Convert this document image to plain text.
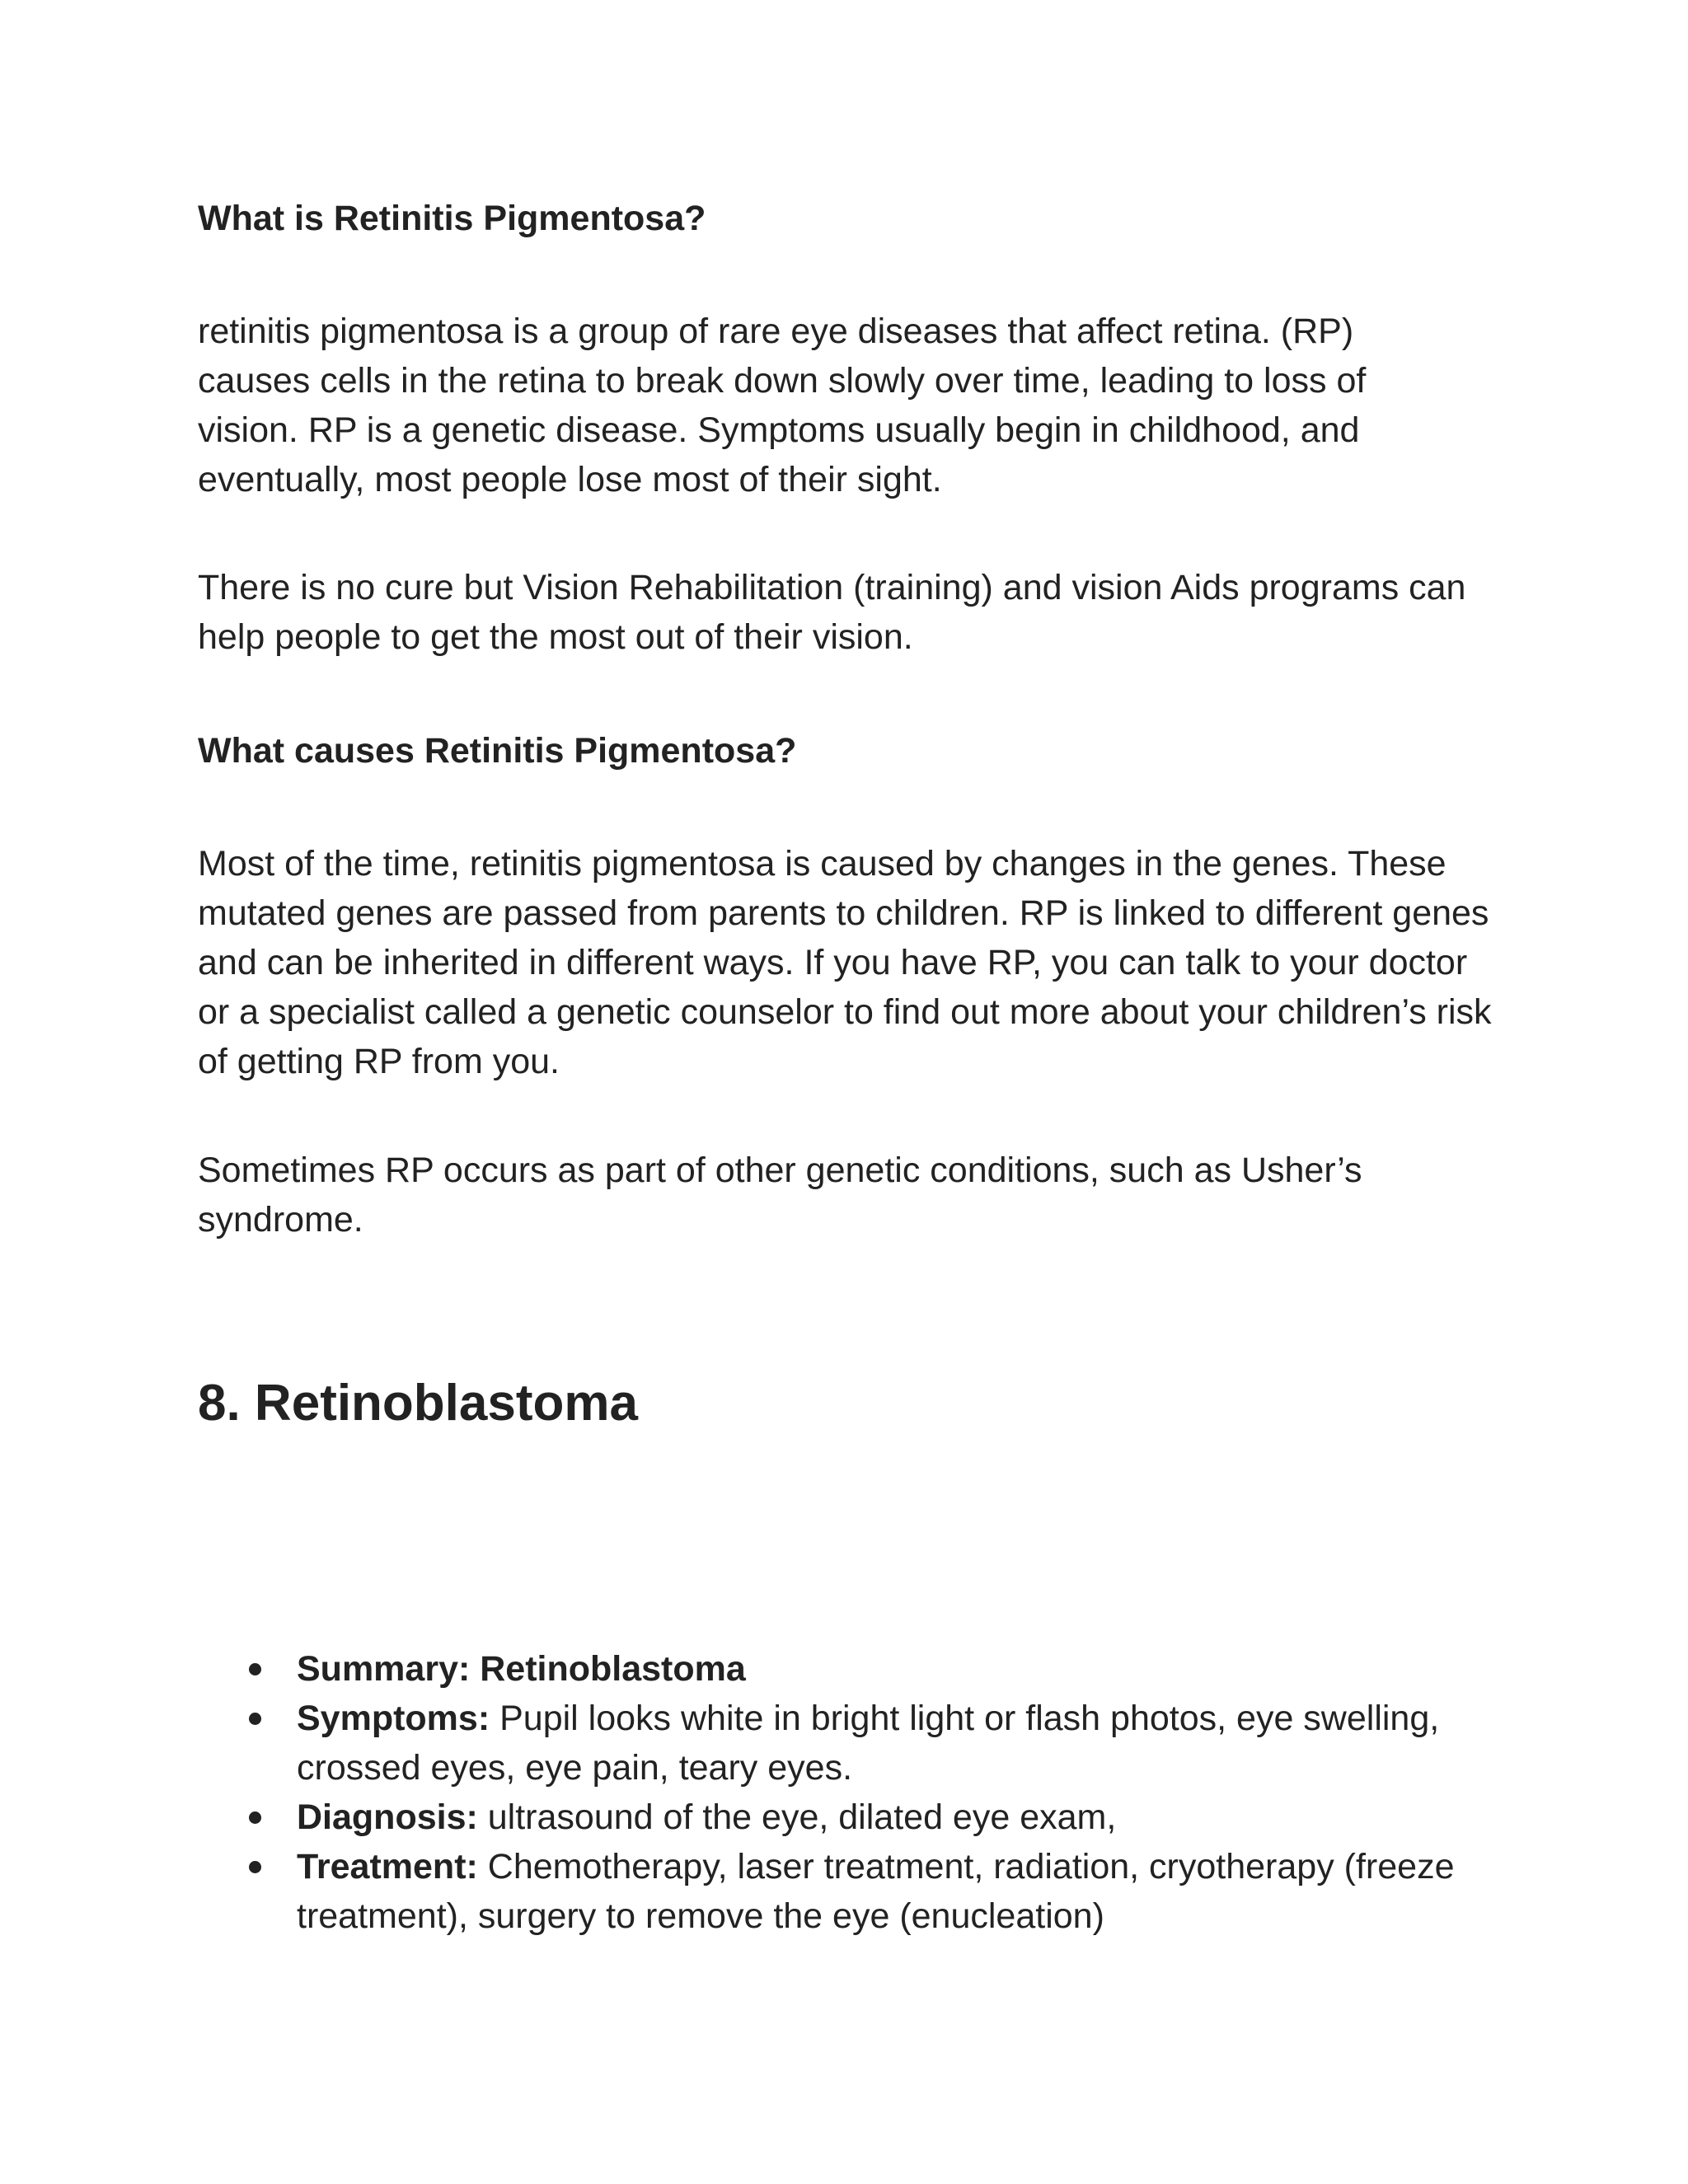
What is Retinitis Pigmentosa?

retinitis pigmentosa is a group of rare eye diseases that affect retina. (RP) causes cells in the retina to break down slowly over time, leading to loss of vision. RP is a genetic disease. Symptoms usually begin in childhood, and eventually, most people lose most of their sight.

There is no cure but Vision Rehabilitation (training) and vision Aids programs can help people to get the most out of their vision.

What causes Retinitis Pigmentosa?

Most of the time, retinitis pigmentosa is caused by changes in the genes. These mutated genes are passed from parents to children. RP is linked to different genes and can be inherited in different ways. If you have RP, you can talk to your doctor or a specialist called a genetic counselor to find out more about your children’s risk of getting RP from you.

Sometimes RP occurs as part of other genetic conditions, such as Usher’s syndrome.

8. Retinoblastoma

Summary: Retinoblastoma
Symptoms: Pupil looks white in bright light or flash photos, eye swelling, crossed eyes, eye pain, teary eyes.
Diagnosis: ultrasound of the eye, dilated eye exam,
Treatment: Chemotherapy, laser treatment, radiation, cryotherapy (freeze treatment), surgery to remove the eye (enucleation)
